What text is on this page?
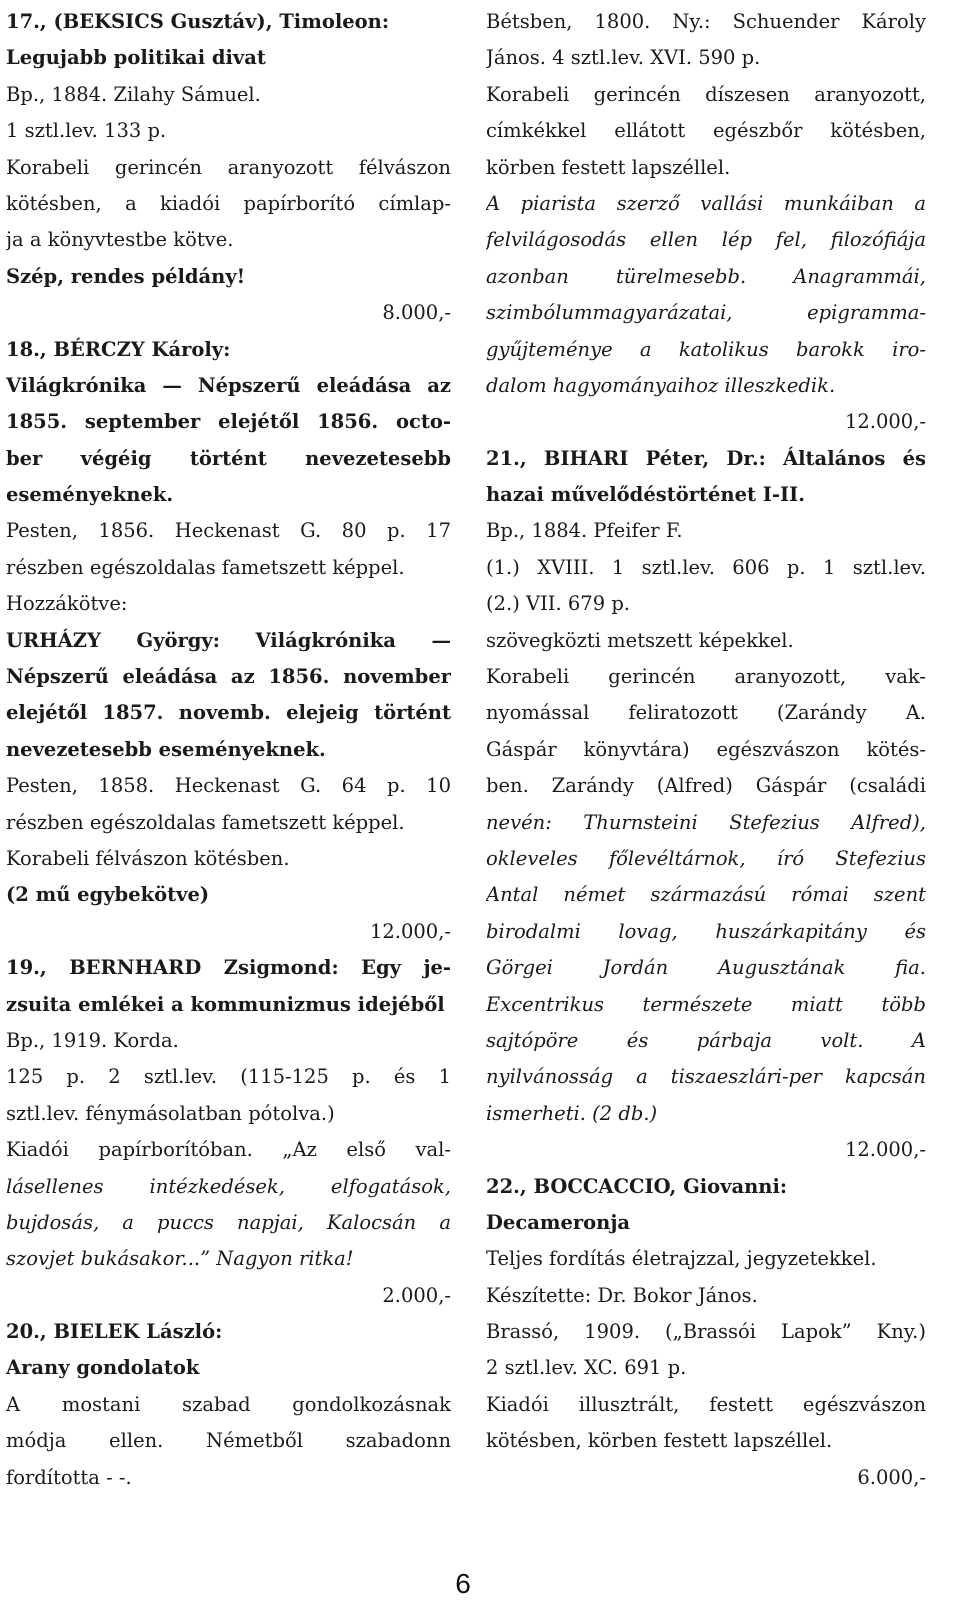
17., (BEKSICS Gusztáv), Timoleon:
Legujabb politikai divat
Bp., 1884. Zilahy Sámuel.
1 sztl.lev. 133 p.
Korabeli gerincén aranyozott félvászon
kötésben, a kiadói papírborító címlap-
ja a könyvtestbe kötve.
Szép, rendes példány!
8.000,-
18., BÉRCZY Károly:
Világkrónika — Népszerű eleádása az
1855. september elejétől 1856. octo-
ber végéig történt nevezetesebb
eseményeknek.
Pesten, 1856. Heckenast G. 80 p. 17
részben egészoldalas fametszett képpel.
Hozzákötve:
URHÁZY György: Világkrónika —
Népszerű eleádása az 1856. november
elejétől 1857. novemb. elejeig történt
nevezetesebb eseményeknek.
Pesten, 1858. Heckenast G. 64 p. 10
részben egészoldalas fametszett képpel.
Korabeli félvászon kötésben.
(2 mű egybekötve)
12.000,-
19., BERNHARD Zsigmond: Egy je-
zsuita emlékei a kommunizmus idejéből
Bp., 1919. Korda.
125 p. 2 sztl.lev. (115-125 p. és 1
sztl.lev. fénymásolatban pótolva.)
Kiadói papírborítóban. „Az első val-
lásellenes intézkedések, elfogatások,
bujdosás, a puccs napjai, Kalocsán a
szovjet bukásakor...” Nagyon ritka!
2.000,-
20., BIELEK László:
Arany gondolatok
A mostani szabad gondolkozásnak
módja ellen. Németből szabadonn
fordította - -.
Bétsben, 1800. Ny.: Schuender Károly
János. 4 sztl.lev. XVI. 590 p.
Korabeli gerincén díszesen aranyozott,
címkékkel ellátott egészbőr kötésben,
körben festett lapszéllel.
A piarista szerző vallási munkáiban a
felvilágosodás ellen lép fel, filozófiája
azonban türelmesebb. Anagrammái,
szimbólummagyarázatai, epigramma-
gyűjteménye a katolikus barokk iro-
dalom hagyományaihoz illeszkedik.
12.000,-
21., BIHARI Péter, Dr.: Általános és
hazai művelődéstörténet I-II.
Bp., 1884. Pfeifer F.
(1.) XVIII. 1 sztl.lev. 606 p. 1 sztl.lev.
(2.) VII. 679 p.
szövegközti metszett képekkel.
Korabeli gerincén aranyozott, vak-
nyomással feliratozott (Zarándy A.
Gáspár könyvtára) egészvászon kötés-
ben. Zarándy (Alfred) Gáspár (családi
nevén: Thurnsteini Stefezius Alfred),
okleveles főlevéltárnok, író Stefezius
Antal német származású római szent
birodalmi lovag, huszárkapitány és
Görgei Jordán Augusztának fia.
Excentrikus természete miatt több
sajtópöre és párbaja volt. A
nyilvánosság a tiszaeszlári-per kapcsán
ismerheti. (2 db.)
12.000,-
22., BOCCACCIO, Giovanni:
Decameronja
Teljes fordítás életrajzzal, jegyzetekkel.
Készítette: Dr. Bokor János.
Brassó, 1909. („Brassói Lapok” Kny.)
2 sztl.lev. XC. 691 p.
Kiadói illusztrált, festett egészvászon
kötésben, körben festett lapszéllel.
6.000,-
6
